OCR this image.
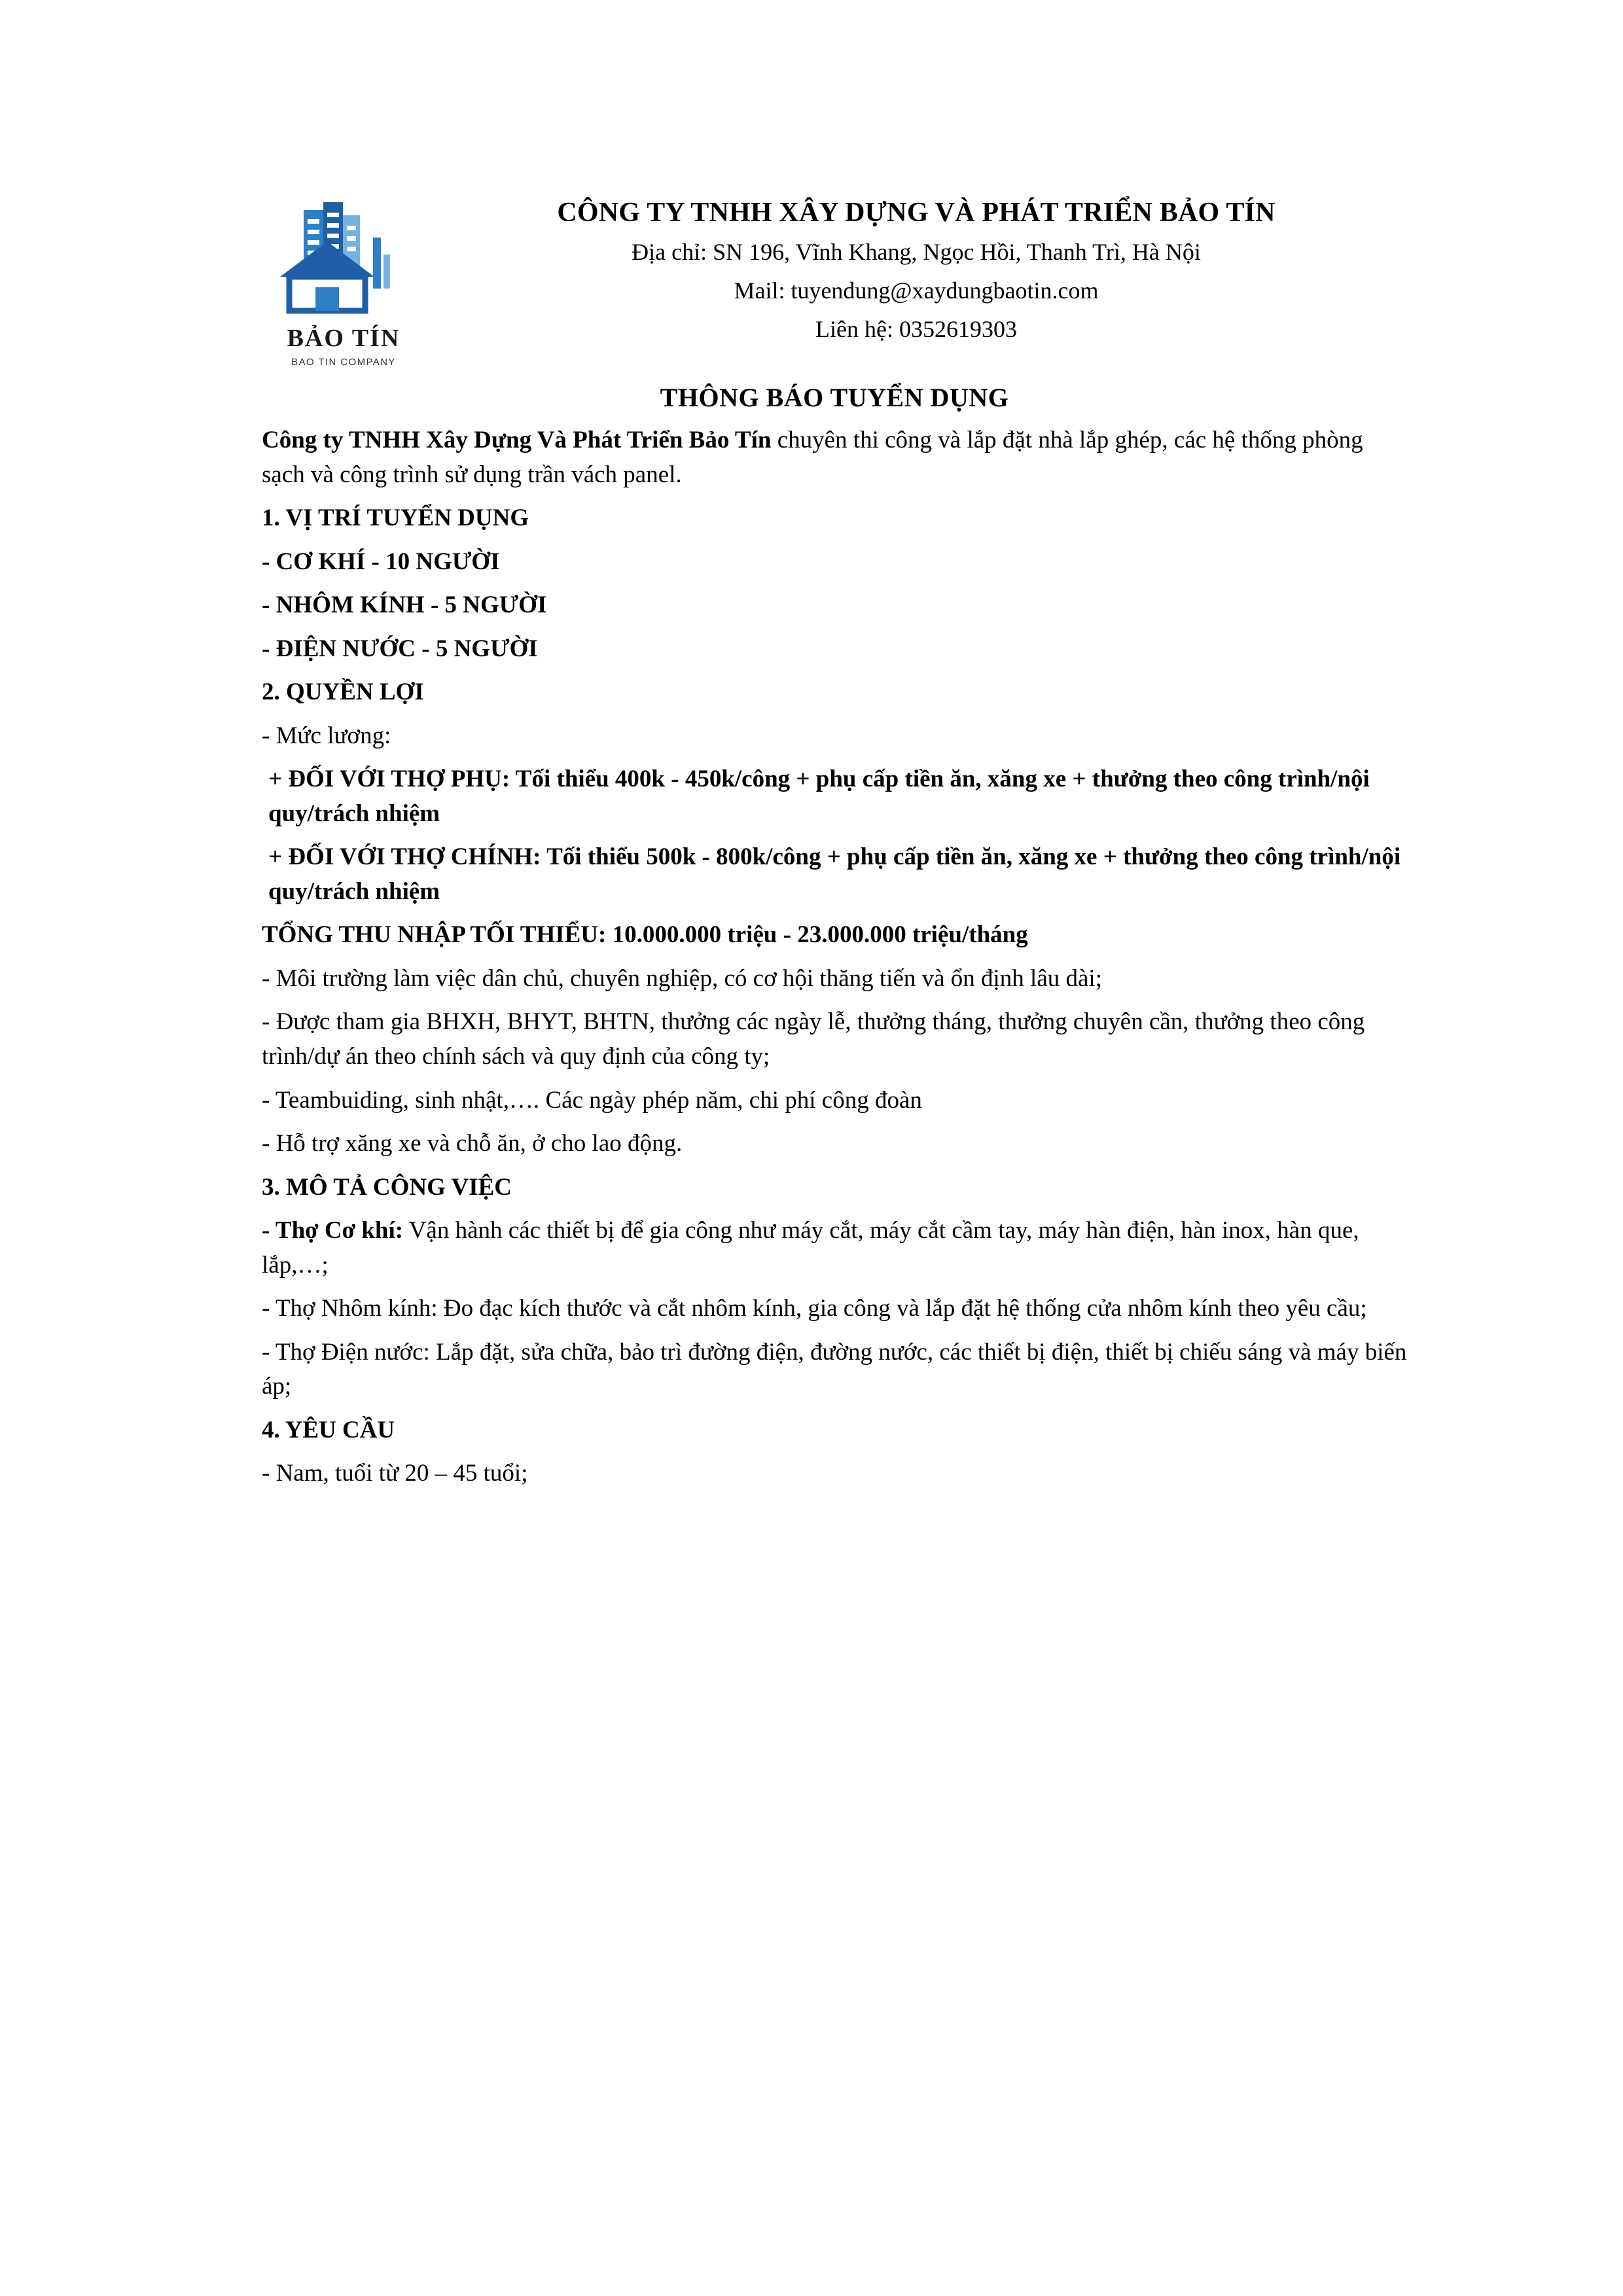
BẢO TÍN
BAO TIN COMPANY
CÔNG TY TNHH XÂY DỰNG VÀ PHÁT TRIỂN BẢO TÍN
Địa chỉ: SN 196, Vĩnh Khang, Ngọc Hồi, Thanh Trì, Hà Nội
Mail: tuyendung@xaydungbaotin.com
Liên hệ: 0352619303
THÔNG BÁO TUYỂN DỤNG

Công ty TNHH Xây Dựng Và Phát Triển Bảo Tín chuyên thi công và lắp đặt nhà lắp ghép, các hệ thống phòng sạch và công trình sử dụng trần vách panel.

1. VỊ TRÍ TUYỂN DỤNG
- CƠ KHÍ - 10 NGƯỜI
- NHÔM KÍNH - 5 NGƯỜI
- ĐIỆN NƯỚC - 5 NGƯỜI
2. QUYỀN LỢI

- Mức lương:

+ ĐỐI VỚI THỢ PHỤ: Tối thiểu 400k - 450k/công + phụ cấp tiền ăn, xăng xe + thưởng theo công trình/nội quy/trách nhiệm
+ ĐỐI VỚI THỢ CHÍNH: Tối thiểu 500k - 800k/công + phụ cấp tiền ăn, xăng xe + thưởng theo công trình/nội quy/trách nhiệm
TỔNG THU NHẬP TỐI THIỂU: 10.000.000 triệu - 23.000.000 triệu/tháng

- Môi trường làm việc dân chủ, chuyên nghiệp, có cơ hội thăng tiến và ổn định lâu dài;

- Được tham gia BHXH, BHYT, BHTN, thưởng các ngày lễ, thưởng tháng, thưởng chuyên cần, thưởng theo công trình/dự án theo chính sách và quy định của công ty;

- Teambuiding, sinh nhật,…. Các ngày phép năm, chi phí công đoàn

- Hỗ trợ xăng xe và chỗ ăn, ở cho lao động.

3. MÔ TẢ CÔNG VIỆC

- Thợ Cơ khí: Vận hành các thiết bị để gia công như máy cắt, máy cắt cầm tay, máy hàn điện, hàn inox, hàn que, lắp,…;

- Thợ Nhôm kính: Đo đạc kích thước và cắt nhôm kính, gia công và lắp đặt hệ thống cửa nhôm kính theo yêu cầu;

- Thợ Điện nước: Lắp đặt, sửa chữa, bảo trì đường điện, đường nước, các thiết bị điện, thiết bị chiếu sáng và máy biến áp;

4. YÊU CẦU

- Nam, tuổi từ 20 – 45 tuổi;
